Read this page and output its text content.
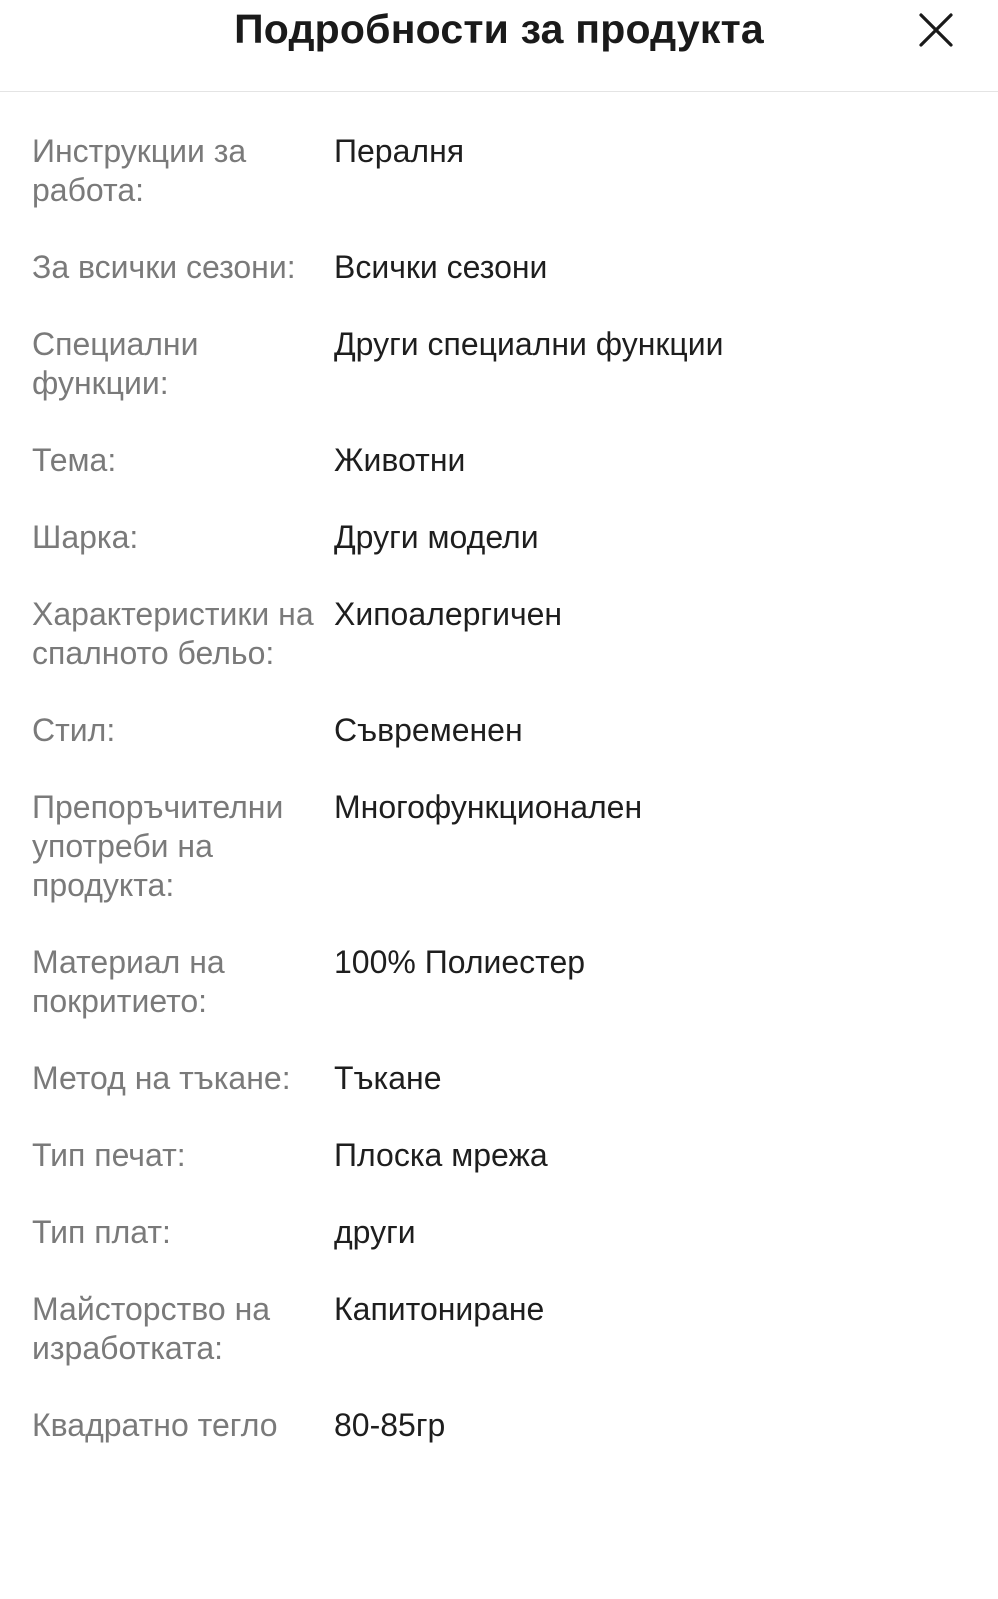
Подробности за продукта
Инструкции за работа:
Пералня
За всички сезони:	Всички сезони
Специални функции:
Други специални функции
Тема:	Животни
Шарка:	Други модели
Характеристики на спалното бельо:
Хипоалергичен
Стил:	Съвременен
Препоръчителни употреби на продукта:
Многофункционален
Материал на покритието:
100% Полиестер
Метод на тъкане:	Тъкане
Тип печат:	Плоска мрежа
Тип плат:	други
Майсторство на изработката:
Капитониране
Квадратно тегло	80-85гр
